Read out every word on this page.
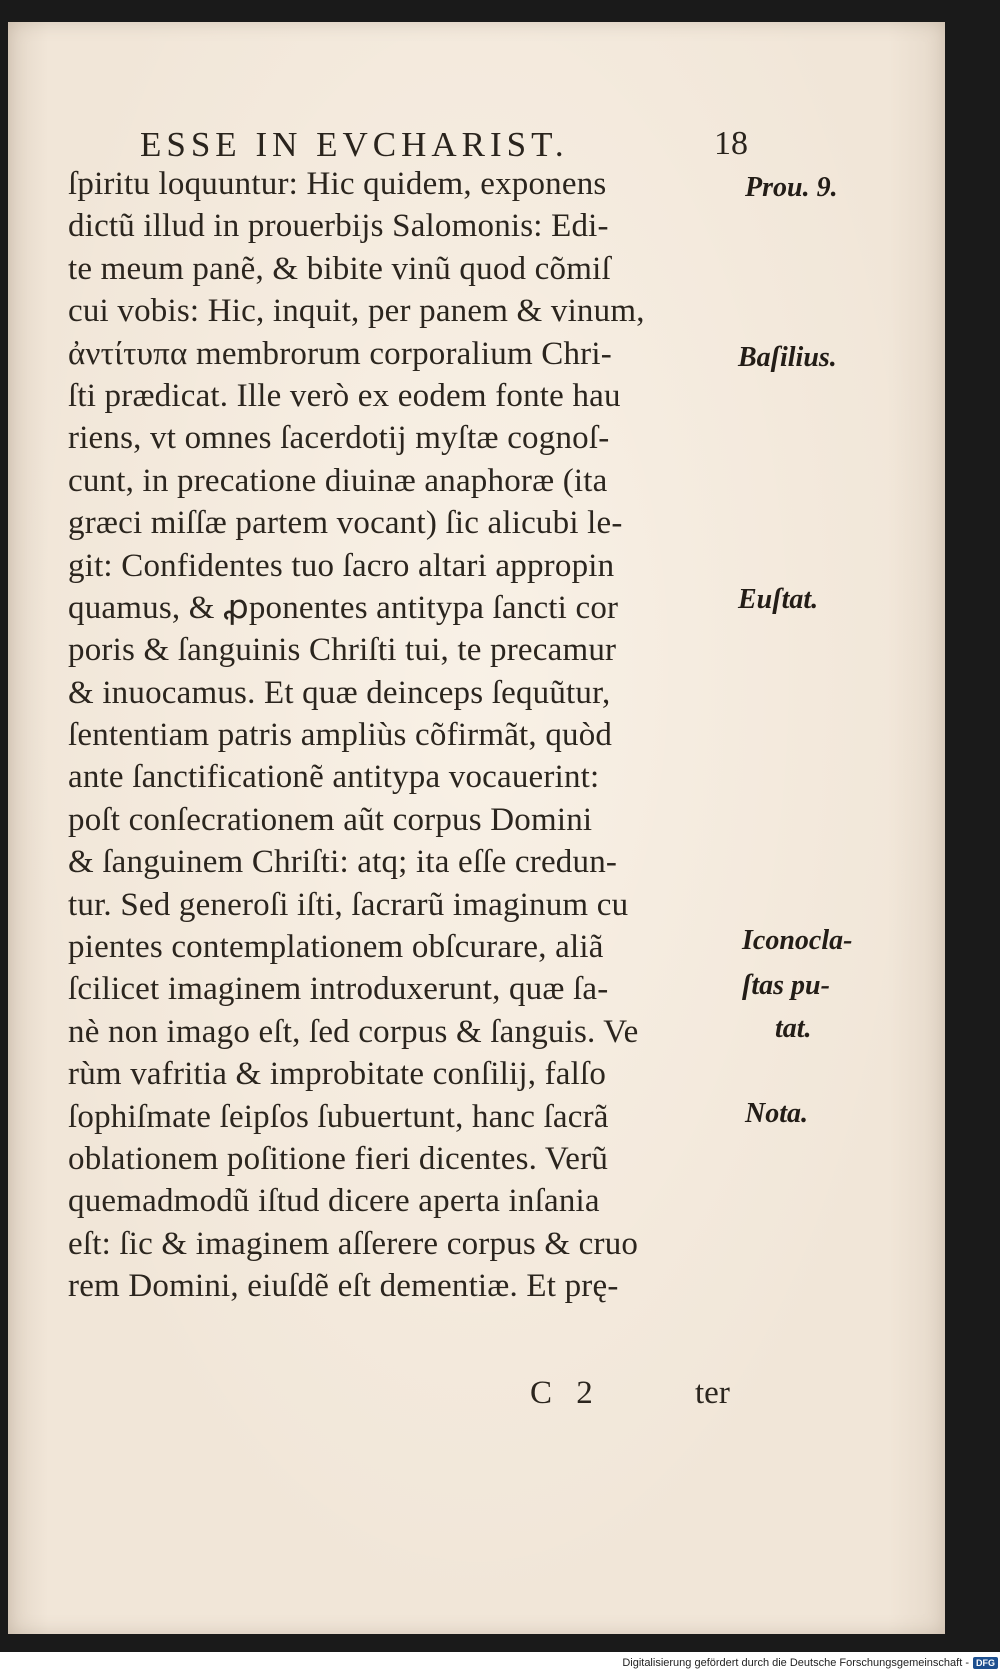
ESSE IN EVCHARIST.	18
ſpiritu loquuntur: Hic quidem, exponens
dictũ illud in prouerbijs Salomonis: Edi-
te meum panẽ, & bibite vinũ quod cõmiſ
cui vobis: Hic, inquit, per panem & vinum,
ἀντίτυπα membrorum corporalium Chri-
ſti prædicat. Ille verò ex eodem fonte hau
riens, vt omnes ſacerdotij myſtæ cognoſ-
cunt, in precatione diuinæ anaphoræ (ita
græci miſſæ partem vocant) ſic alicubi le-
git: Confidentes tuo ſacro altari appropin
quamus, & ꝓponentes antitypa ſancti cor
poris & ſanguinis Chriſti tui, te precamur
& inuocamus. Et quæ deinceps ſequũtur,
ſententiam patris ampliùs cõfirmãt, quòd
ante ſanctificationẽ antitypa vocauerint:
poſt conſecrationem aũt corpus Domini
& ſanguinem Chriſti: atq; ita eſſe credun-
tur. Sed generoſi iſti, ſacrarũ imaginum cu
pientes contemplationem obſcurare, aliã
ſcilicet imaginem introduxerunt, quæ ſa-
nè non imago eſt, ſed corpus & ſanguis. Ve
rùm vafritia & improbitate conſilij, falſo
ſophiſmate ſeipſos ſubuertunt, hanc ſacrã
oblationem poſitione fieri dicentes. Verũ
quemadmodũ iſtud dicere aperta inſania
eſt: ſic & imaginem aſſerere corpus & cruo
rem Domini, eiuſdẽ eſt dementiæ. Et prę-
Prou. 9.
Baſilius.
Euſtat.
Iconocla-
ſtas pu-
tat.
Nota.
C 2	ter
Digitalisierung gefördert durch die Deutsche Forschungsgemeinschaft - DFG
